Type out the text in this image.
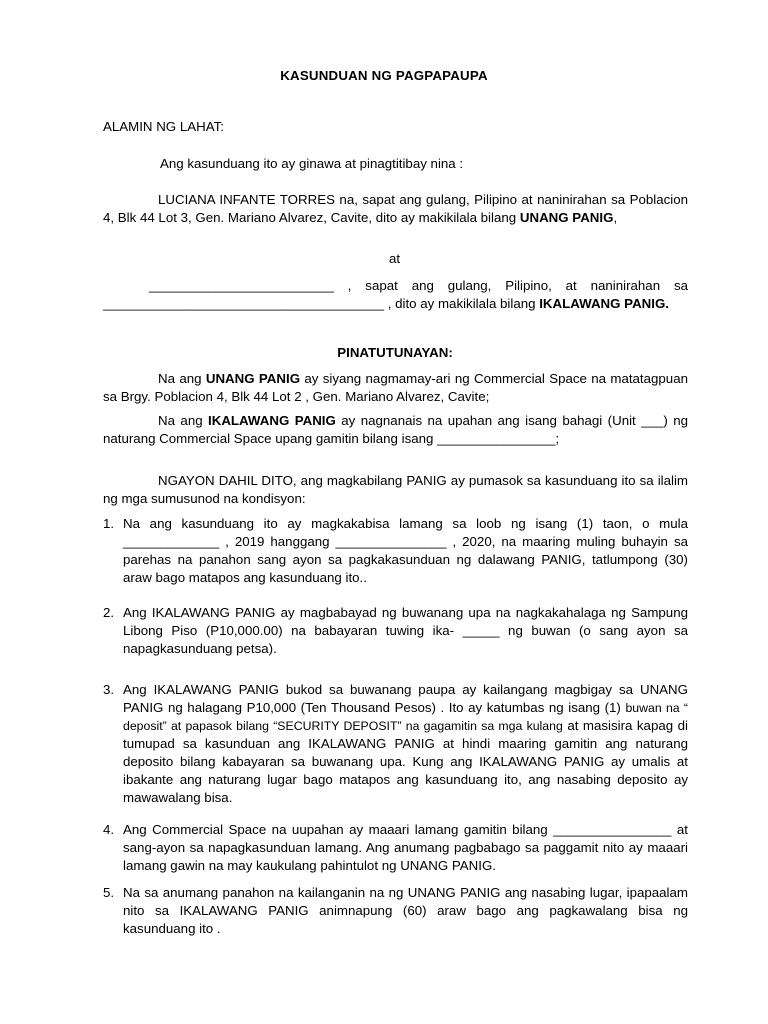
KASUNDUAN NG PAGPAPAUPA

ALAMIN NG LAHAT:

Ang kasunduang ito ay ginawa at pinagtitibay nina :

LUCIANA INFANTE TORRES na, sapat ang gulang, Pilipino at naninirahan sa Poblacion 4, Blk 44 Lot 3, Gen. Mariano Alvarez, Cavite, dito ay makikilala bilang UNANG PANIG,

at

_________________________ , sapat ang gulang, Pilipino, at naninirahan sa ______________________________________ , dito ay makikilala bilang IKALAWANG PANIG.

PINATUTUNAYAN:

Na ang UNANG PANIG ay siyang nagmamay-ari ng Commercial Space na matatagpuan sa Brgy. Poblacion 4, Blk 44 Lot 2 , Gen. Mariano Alvarez, Cavite;

Na ang IKALAWANG PANIG ay nagnanais na upahan ang isang bahagi (Unit ___) ng naturang Commercial Space upang gamitin bilang isang ________________;

NGAYON DAHIL DITO, ang magkabilang PANIG ay pumasok sa kasunduang ito sa ilalim ng mga sumusunod na kondisyon:

1. Na ang kasunduang ito ay magkakabisa lamang sa loob ng isang (1) taon, o mula _____________ , 2019 hanggang _______________ , 2020, na maaring muling buhayin sa parehas na panahon sang ayon sa pagkakasunduan ng dalawang PANIG, tatlumpong (30) araw bago matapos ang kasunduang ito..
2. Ang IKALAWANG PANIG ay magbabayad ng buwanang upa na nagkakahalaga ng Sampung Libong Piso (P10,000.00) na babayaran tuwing ika- _____ ng buwan (o sang ayon sa napagkasunduang petsa).
3. Ang IKALAWANG PANIG bukod sa buwanang paupa ay kailangang magbigay sa UNANG PANIG ng halagang P10,000 (Ten Thousand Pesos) . Ito ay katumbas ng isang (1) buwan na “ deposit” at papasok bilang “SECURITY DEPOSIT” na gagamitin sa mga kulang at masisira kapag di tumupad sa kasunduan ang IKALAWANG PANIG at hindi maaring gamitin ang naturang deposito bilang kabayaran sa buwanang upa. Kung ang IKALAWANG PANIG ay umalis at ibakante ang naturang lugar bago matapos ang kasunduang ito, ang nasabing deposito ay mawawalang bisa.
4. Ang Commercial Space na uupahan ay maaari lamang gamitin bilang ________________ at sang-ayon sa napagkasunduan lamang. Ang anumang pagbabago sa paggamit nito ay maaari lamang gawin na may kaukulang pahintulot ng UNANG PANIG.
5. Na sa anumang panahon na kailanganin na ng UNANG PANIG ang nasabing lugar, ipapaalam nito sa IKALAWANG PANIG animnapung (60) araw bago ang pagkawalang bisa ng kasunduang ito .
